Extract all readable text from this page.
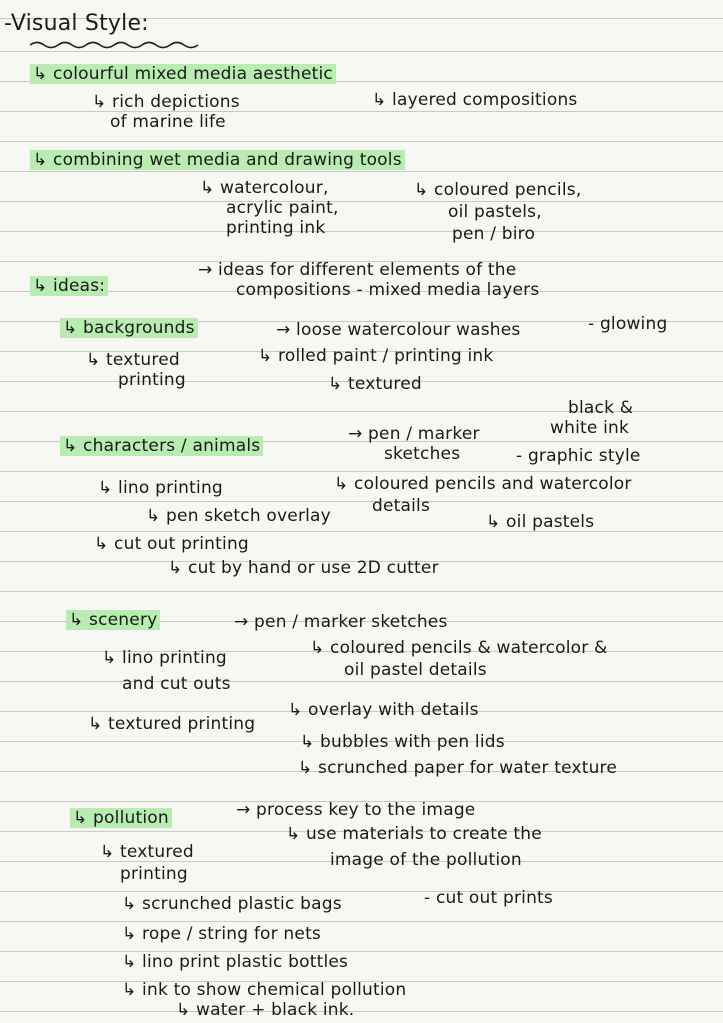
-Visual Style:
↳ colourful mixed media aesthetic
↳ rich depictions
of marine life
↳ layered compositions
↳ combining wet media and drawing tools
↳ watercolour,
acrylic paint,
printing ink
↳ coloured pencils,
oil pastels,
pen / biro
↳ ideas:
→ ideas for different elements of the
compositions - mixed media layers
↳ backgrounds	→ loose watercolour washes	- glowing
↳ textured
printing
↳ rolled paint / printing ink
↳ textured
↳ characters / animals
→ pen / marker
sketches
black &
white ink
- graphic style
↳ lino printing	↳ coloured pencils and watercolor
details
↳ pen sketch overlay	↳ oil pastels
↳ cut out printing
↳ cut by hand or use 2D cutter
↳ scenery	→ pen / marker sketches
↳ lino printing
and cut outs
↳ coloured pencils & watercolor &
oil pastel details
↳ overlay with details
↳ textured printing
↳ bubbles with pen lids
↳ scrunched paper for water texture
↳ pollution	→ process key to the image
↳ use materials to create the
image of the pollution
↳ textured
printing
↳ scrunched plastic bags	- cut out prints
↳ rope / string for nets
↳ lino print plastic bottles
↳ ink to show chemical pollution
↳ water + black ink.
